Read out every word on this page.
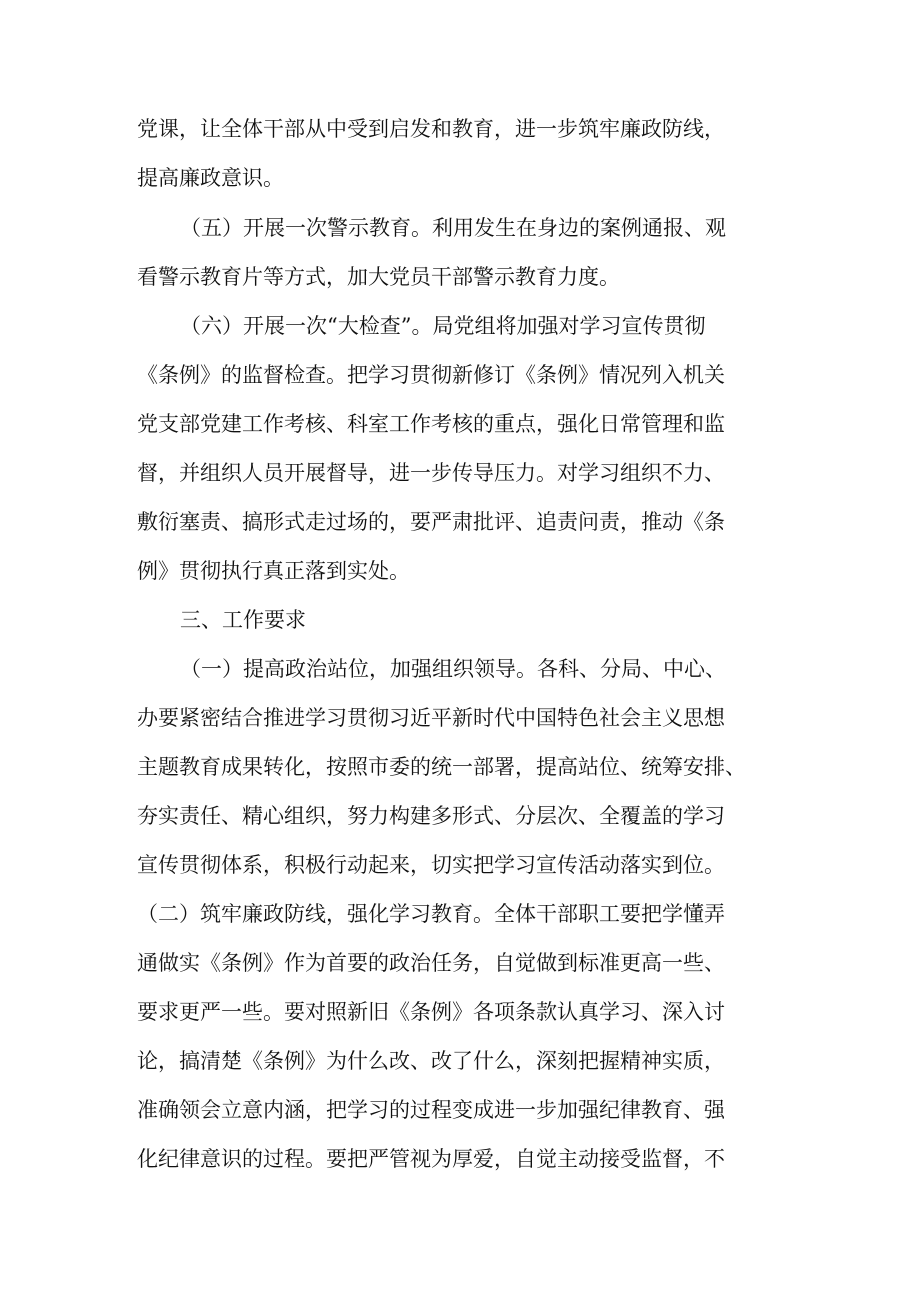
党课，让全体干部从中受到启发和教育，进一步筑牢廉政防线，
提高廉政意识。
（五）开展一次警示教育。利用发生在身边的案例通报、观
看警示教育片等方式，加大党员干部警示教育力度。
（六）开展一次“大检查”。局党组将加强对学习宣传贯彻
《条例》的监督检查。把学习贯彻新修订《条例》情况列入机关
党支部党建工作考核、科室工作考核的重点，强化日常管理和监
督，并组织人员开展督导，进一步传导压力。对学习组织不力、
敷衍塞责、搞形式走过场的，要严肃批评、追责问责，推动《条
例》贯彻执行真正落到实处。
三、工作要求
（一）提高政治站位，加强组织领导。各科、分局、中心、
办要紧密结合推进学习贯彻习近平新时代中国特色社会主义思想
主题教育成果转化，按照市委的统一部署，提高站位、统筹安排、
夯实责任、精心组织，努力构建多形式、分层次、全覆盖的学习
宣传贯彻体系，积极行动起来，切实把学习宣传活动落实到位。
（二）筑牢廉政防线，强化学习教育。全体干部职工要把学懂弄
通做实《条例》作为首要的政治任务，自觉做到标准更高一些、
要求更严一些。要对照新旧《条例》各项条款认真学习、深入讨
论，搞清楚《条例》为什么改、改了什么，深刻把握精神实质，
准确领会立意内涵，把学习的过程变成进一步加强纪律教育、强
化纪律意识的过程。要把严管视为厚爱，自觉主动接受监督，不
